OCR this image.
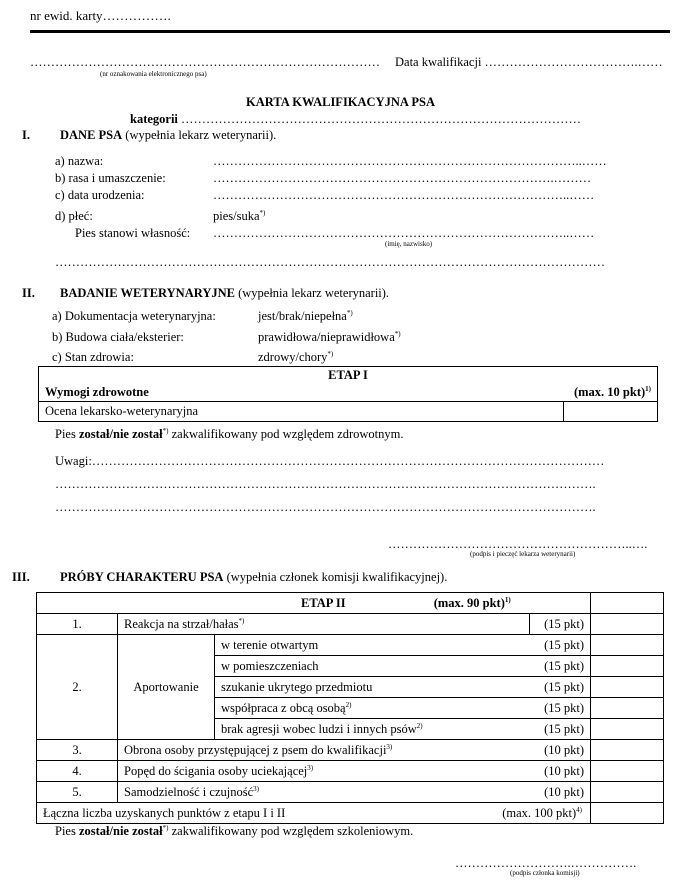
nr ewid. karty…………….
…………………………………………………………………………
(nr oznakowania elektronicznego psa)
Data kwalifikacji ……………………………….……
KARTA KWALIFIKACYJNA PSA
kategorii ……………………………………………………………………………………
I. DANE PSA (wypełnia lekarz weterynarii).
a) nazwa:	……………………………………………………………………………..……
b) rasa i umaszczenie:	……………………………………………………………………….………
c) data urodzenia:	…………………………………………………………………………..……
d) płeć:	pies/suka*)
Pies stanowi własność: …………………………………………………………………………..……
(imię, nazwisko)
……………………………………………………………………………………………………………………
II. BADANIE WETERYNARYJNE (wypełnia lekarz weterynarii).
a) Dokumentacja weterynaryjna:	jest/brak/niepełna*)
b) Budowa ciała/eksterier:	prawidłowa/nieprawidłowa*)
c) Stan zdrowia:	zdrowy/chory*)
ETAP I
Wymogi zdrowotne	(max. 10 pkt)$^{1)}$

Ocena lekarsko-weterynaryjna	
Pies został/nie został*) zakwalifikowany pod względem zdrowotnym.
Uwagi:……………………………………………………………………………………………………………
………………………………………………………………………………………………………………….
………………………………………………………………………………………………………………….
…………………………………………………..….
(podpis i pieczęć lekarza weterynarii)
III. PRÓBY CHARAKTERU PSA (wypełnia członek komisji kwalifikacyjnej).
ETAP II (max. 90 pkt)$^{1)}$	
1.	Reakcja na strzał/hałas*)		(15 pkt)	
2.	Aportowanie	w terenie otwartym	(15 pkt)	
		w pomieszczeniach	(15 pkt)	
		szukanie ukrytego przedmiotu	(15 pkt)	
		współpraca z obcą osobą$^{2)}$	(15 pkt)	
		brak agresji wobec ludzi i innych psów$^{2)}$	(15 pkt)	
3.	Obrona osoby przystępującej z psem do kwalifikacji$^{3)}$		(10 pkt)	
4.	Popęd do ścigania osoby uciekającej$^{3)}$		(10 pkt)	
5.	Samodzielność i czujność$^{3)}$		(10 pkt)	
Łączna liczba uzyskanych punktów z etapu I i II (max. 100 pkt)$^{4)}$

Pies został/nie został*) zakwalifikowany pod względem szkoleniowym.
……………………….…………….
(podpis członka komisji)
